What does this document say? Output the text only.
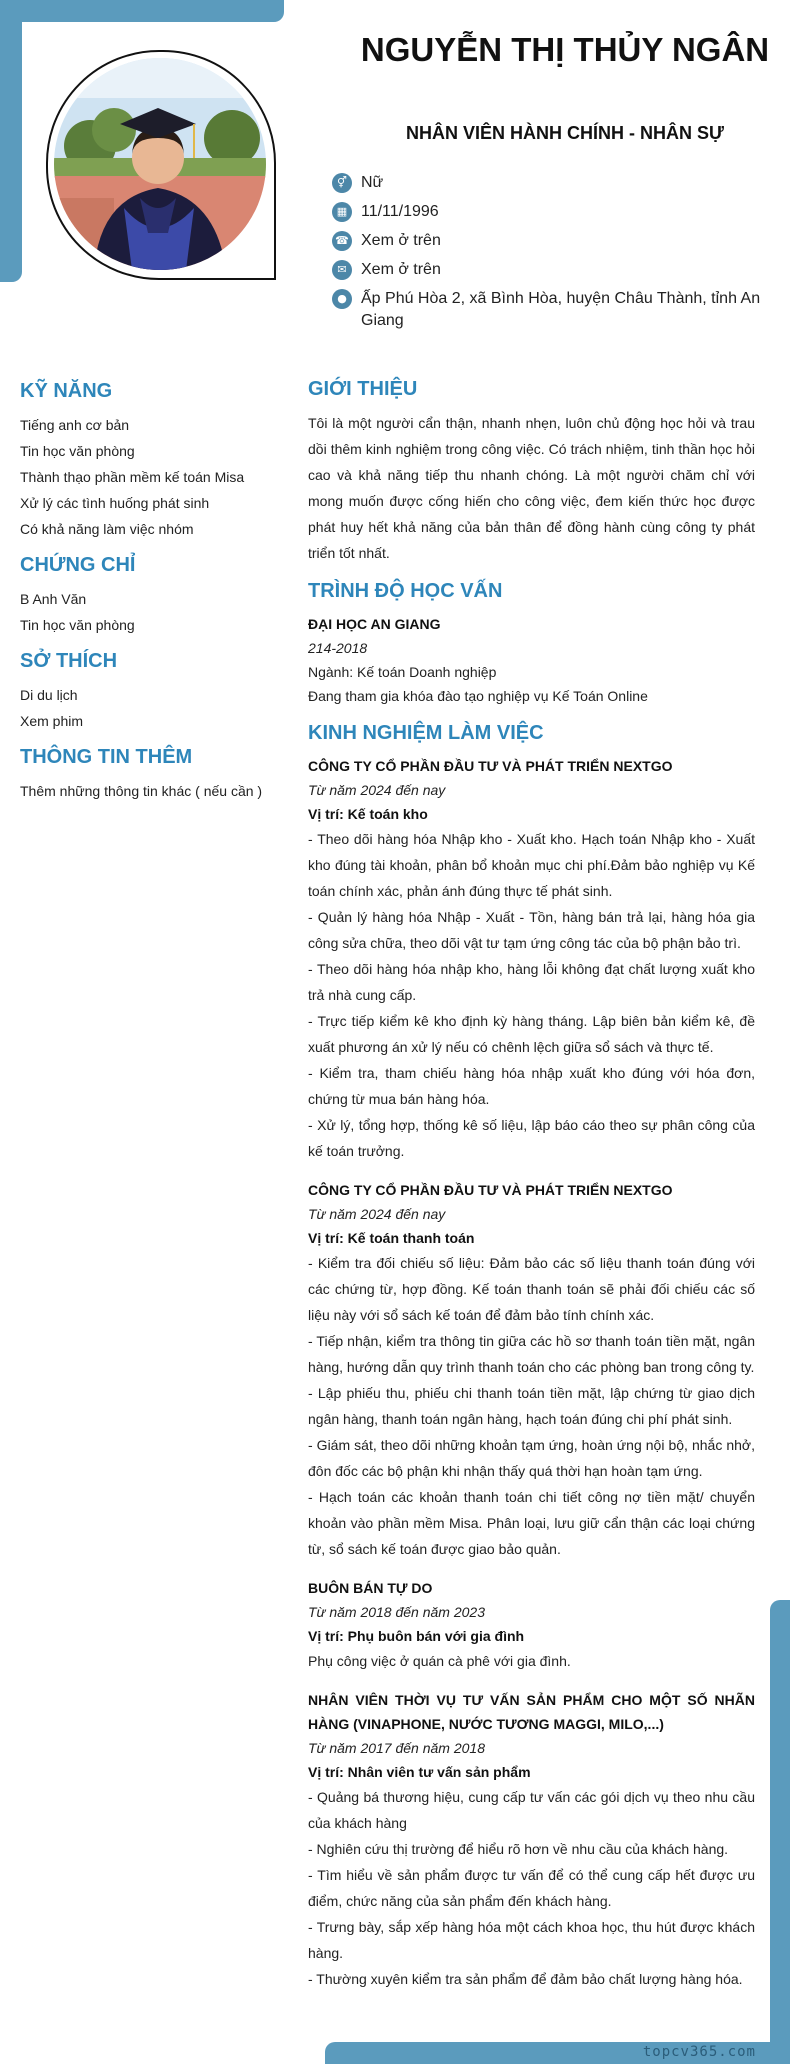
NGUYỄN THỊ THỦY NGÂN
NHÂN VIÊN HÀNH CHÍNH - NHÂN SỰ
⚥ Nữ
▦ 11/11/1996
☎ Xem ở trên
✉ Xem ở trên
● Ấp Phú Hòa 2, xã Bình Hòa, huyện Châu Thành, tỉnh An Giang
KỸ NĂNG
Tiếng anh cơ bản
Tin học văn phòng
Thành thạo phần mềm kế toán Misa
Xử lý các tình huống phát sinh
Có khả năng làm việc nhóm
CHỨNG CHỈ
B Anh Văn
Tin học văn phòng
SỞ THÍCH
Di du lịch
Xem phim
THÔNG TIN THÊM
Thêm những thông tin khác ( nếu cần )
GIỚI THIỆU
Tôi là một người cẩn thận, nhanh nhẹn, luôn chủ động học hỏi và trau dồi thêm kinh nghiệm trong công việc. Có trách nhiệm, tinh thần học hỏi cao và khả năng tiếp thu nhanh chóng. Là một người chăm chỉ với mong muốn được cống hiến cho công việc, đem kiến thức học được phát huy hết khả năng của bản thân để đồng hành cùng công ty phát triển tốt nhất.
TRÌNH ĐỘ HỌC VẤN
ĐẠI HỌC AN GIANG
214-2018
Ngành: Kế toán Doanh nghiệp
Đang tham gia khóa đào tạo nghiệp vụ Kế Toán Online
KINH NGHIỆM LÀM VIỆC
CÔNG TY CỔ PHẦN ĐẦU TƯ VÀ PHÁT TRIỂN NEXTGO
Từ năm 2024 đến nay
Vị trí: Kế toán kho
- Theo dõi hàng hóa Nhập kho - Xuất kho. Hạch toán Nhập kho - Xuất kho đúng tài khoản, phân bổ khoản mục chi phí.Đảm bảo nghiệp vụ Kế toán chính xác, phản ánh đúng thực tế phát sinh.
- Quản lý hàng hóa Nhập - Xuất - Tồn, hàng bán trả lại, hàng hóa gia công sửa chữa, theo dõi vật tư tạm ứng công tác của bộ phận bảo trì.
- Theo dõi hàng hóa nhập kho, hàng lỗi không đạt chất lượng xuất kho trả nhà cung cấp.
- Trực tiếp kiểm kê kho định kỳ hàng tháng. Lập biên bản kiểm kê, đề xuất phương án xử lý nếu có chênh lệch giữa sổ sách và thực tế.
- Kiểm tra, tham chiếu hàng hóa nhập xuất kho đúng với hóa đơn, chứng từ mua bán hàng hóa.
- Xử lý, tổng hợp, thống kê số liệu, lập báo cáo theo sự phân công của kế toán trưởng.
CÔNG TY CỔ PHẦN ĐẦU TƯ VÀ PHÁT TRIỂN NEXTGO
Từ năm 2024 đến nay
Vị trí: Kế toán thanh toán
- Kiểm tra đối chiếu số liệu: Đảm bảo các số liệu thanh toán đúng với các chứng từ, hợp đồng. Kế toán thanh toán sẽ phải đối chiếu các số liệu này với sổ sách kế toán để đảm bảo tính chính xác.
- Tiếp nhận, kiểm tra thông tin giữa các hồ sơ thanh toán tiền mặt, ngân hàng, hướng dẫn quy trình thanh toán cho các phòng ban trong công ty.
- Lập phiếu thu, phiếu chi thanh toán tiền mặt, lập chứng từ giao dịch ngân hàng, thanh toán ngân hàng, hạch toán đúng chi phí phát sinh.
- Giám sát, theo dõi những khoản tạm ứng, hoàn ứng nội bộ, nhắc nhở, đôn đốc các bộ phận khi nhận thấy quá thời hạn hoàn tạm ứng.
- Hạch toán các khoản thanh toán chi tiết công nợ tiền mặt/ chuyển khoản vào phần mềm Misa. Phân loại, lưu giữ cẩn thận các loại chứng từ, sổ sách kế toán được giao bảo quản.
BUÔN BÁN TỰ DO
Từ năm 2018 đến năm 2023
Vị trí: Phụ buôn bán với gia đình
Phụ công việc ở quán cà phê với gia đình.
NHÂN VIÊN THỜI VỤ TƯ VẤN SẢN PHẨM CHO MỘT SỐ NHÃN HÀNG (VINAPHONE, NƯỚC TƯƠNG MAGGI, MILO,...)
Từ năm 2017 đến năm 2018
Vị trí: Nhân viên tư vấn sản phẩm
- Quảng bá thương hiệu, cung cấp tư vấn các gói dịch vụ theo nhu cầu của khách hàng
- Nghiên cứu thị trường để hiểu rõ hơn về nhu cầu của khách hàng.
- Tìm hiểu về sản phẩm được tư vấn để có thể cung cấp hết được ưu điểm, chức năng của sản phẩm đến khách hàng.
- Trưng bày, sắp xếp hàng hóa một cách khoa học, thu hút được khách hàng.
- Thường xuyên kiểm tra sản phẩm để đảm bảo chất lượng hàng hóa.
topcv365.com
